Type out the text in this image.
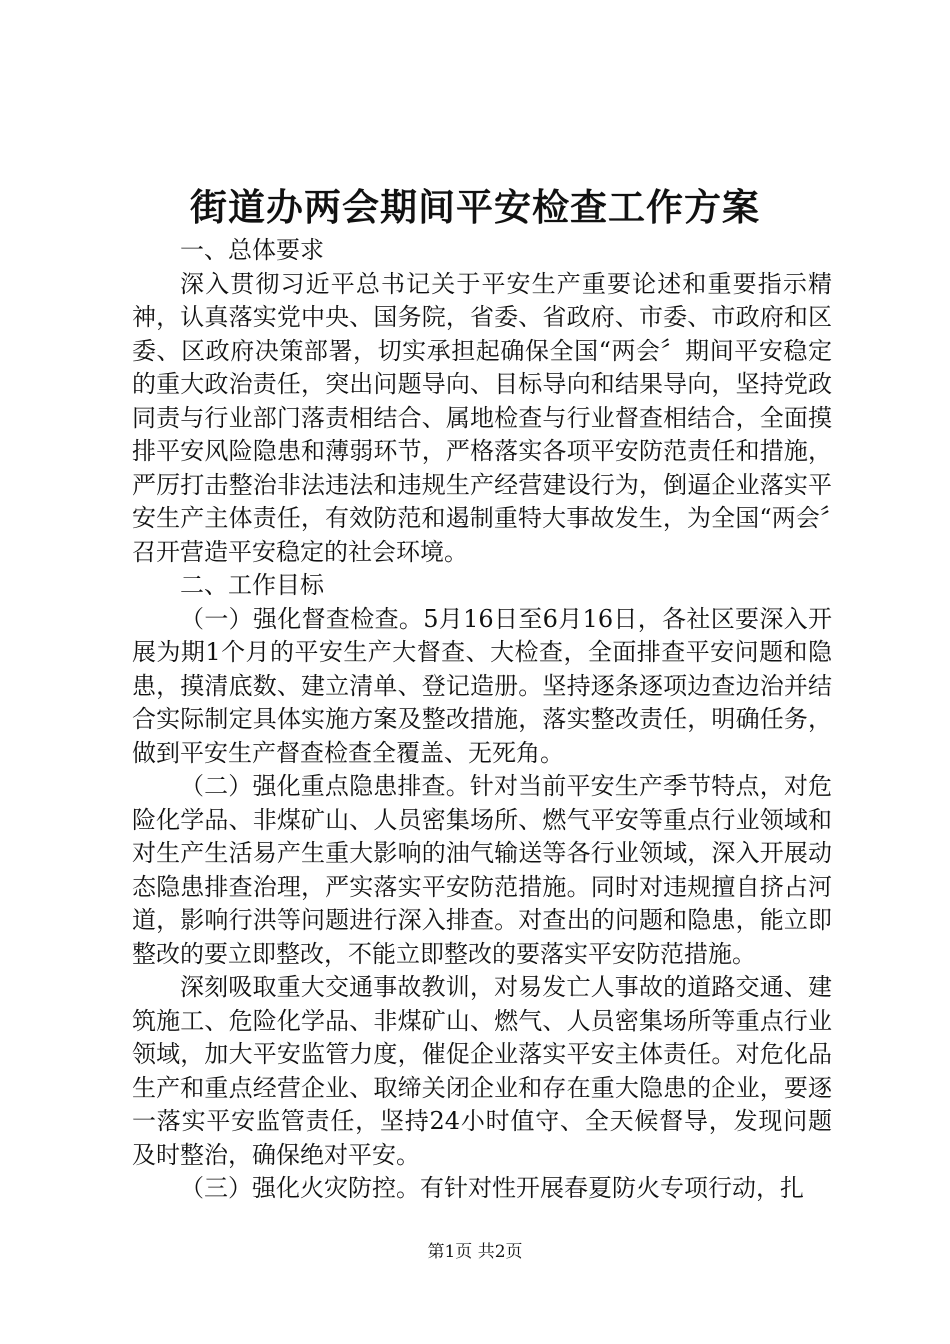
街道办两会期间平安检查工作方案

一、总体要求

深入贯彻习近平总书记关于平安生产重要论述和重要指示精神，认真落实党中央、国务院，省委、省政府、市委、市政府和区委、区政府决策部署，切实承担起确保全国“两会〞期间平安稳定的重大政治责任，突出问题导向、目标导向和结果导向，坚持党政同责与行业部门落责相结合、属地检查与行业督查相结合，全面摸排平安风险隐患和薄弱环节，严格落实各项平安防范责任和措施，严厉打击整治非法违法和违规生产经营建设行为，倒逼企业落实平安生产主体责任，有效防范和遏制重特大事故发生，为全国“两会〞召开营造平安稳定的社会环境。

二、工作目标

（一）强化督查检查。5月16日至6月16日，各社区要深入开展为期1个月的平安生产大督查、大检查，全面排查平安问题和隐患，摸清底数、建立清单、登记造册。坚持逐条逐项边查边治并结合实际制定具体实施方案及整改措施，落实整改责任，明确任务，做到平安生产督查检查全覆盖、无死角。

（二）强化重点隐患排查。针对当前平安生产季节特点，对危险化学品、非煤矿山、人员密集场所、燃气平安等重点行业领域和对生产生活易产生重大影响的油气输送等各行业领域，深入开展动态隐患排查治理，严实落实平安防范措施。同时对违规擅自挤占河道，影响行洪等问题进行深入排查。对查出的问题和隐患，能立即整改的要立即整改，不能立即整改的要落实平安防范措施。

深刻吸取重大交通事故教训，对易发亡人事故的道路交通、建筑施工、危险化学品、非煤矿山、燃气、人员密集场所等重点行业领域，加大平安监管力度，催促企业落实平安主体责任。对危化品生产和重点经营企业、取缔关闭企业和存在重大隐患的企业，要逐一落实平安监管责任，坚持24小时值守、全天候督导，发现问题及时整治，确保绝对平安。

（三）强化火灾防控。有针对性开展春夏防火专项行动，扎

第1页 共2页
